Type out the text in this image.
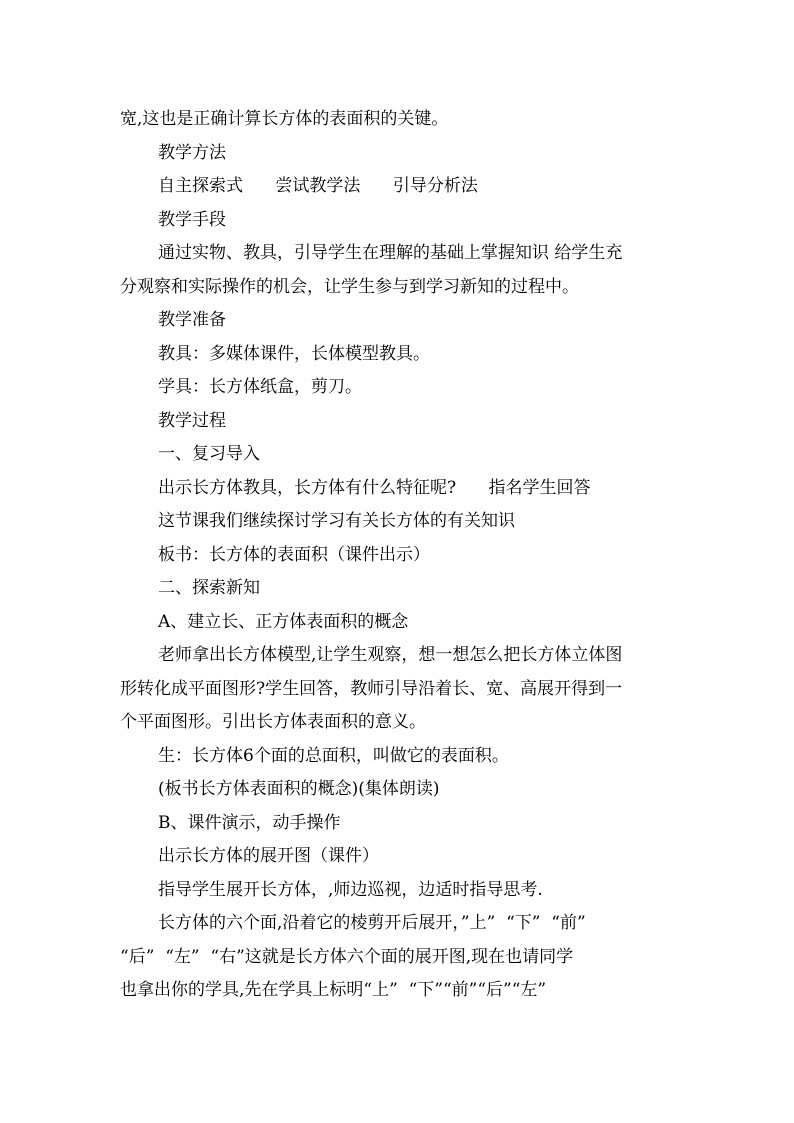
宽,这也是正确计算长方体的表面积的关键。
教学方法
自主探索式      尝试教学法      引导分析法
教学手段
通过实物、教具，引导学生在理解的基础上掌握知识 给学生充
分观察和实际操作的机会，让学生参与到学习新知的过程中。
教学准备
教具：多媒体课件，长体模型教具。
学具：长方体纸盒，剪刀。
教学过程
一、复习导入
出示长方体教具，长方体有什么特征呢?      指名学生回答
这节课我们继续探讨学习有关长方体的有关知识
板书：长方体的表面积（课件出示）
二、探索新知
A、建立长、正方体表面积的概念
老师拿出长方体模型,让学生观察，想一想怎么把长方体立体图
形转化成平面图形?学生回答，教师引导沿着长、宽、高展开得到一
个平面图形。引出长方体表面积的意义。
生：长方体6个面的总面积，叫做它的表面积。
(板书长方体表面积的概念)(集体朗读)
B、课件演示，动手操作
出示长方体的展开图（课件）
指导学生展开长方体，,师边巡视，边适时指导思考.
长方体的六个面,沿着它的棱剪开后展开，”上”  “下”  “前”
“后”  “左”  “右”这就是长方体六个面的展开图,现在也请同学
也拿出你的学具,先在学具上标明“上”  “下”“前”“后”“左”
